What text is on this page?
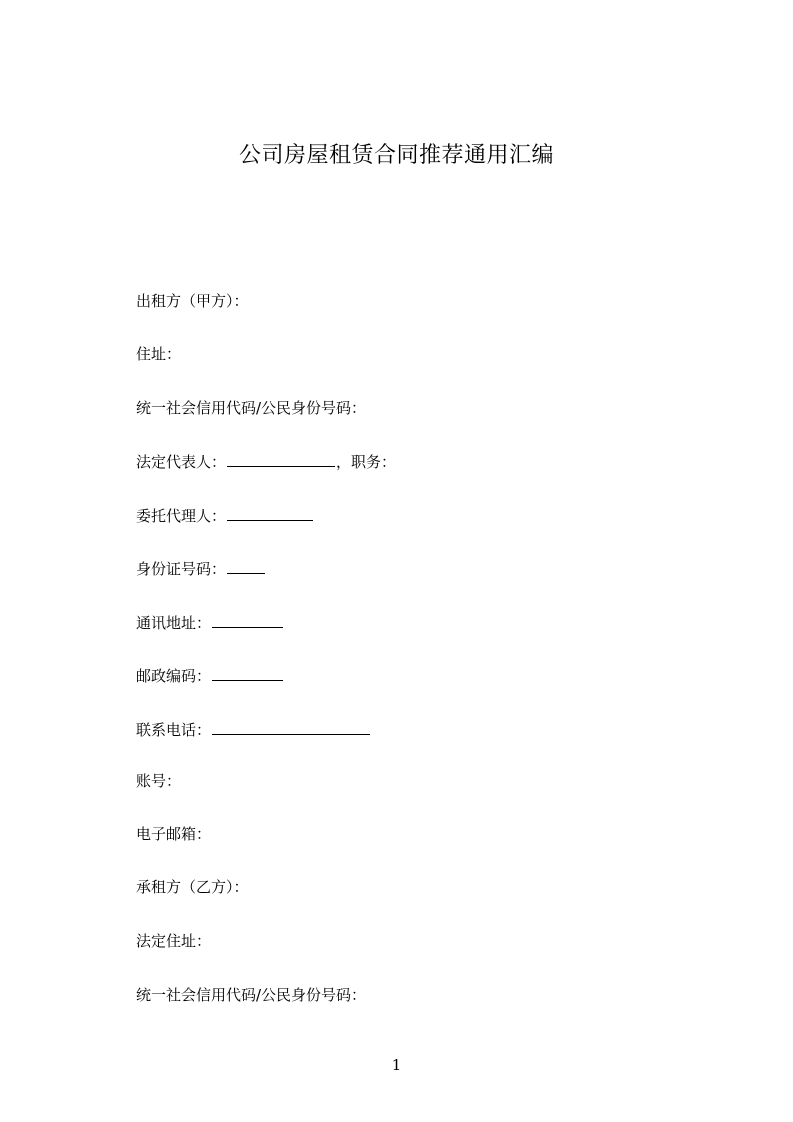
公司房屋租赁合同推荐通用汇编
出租方（甲方）：
住址：
统一社会信用代码/公民身份号码：
法定代表人：	，职务：
委托代理人：
身份证号码：
通讯地址：
邮政编码：
联系电话：
账号：
电子邮箱：
承租方（乙方）：
法定住址：
统一社会信用代码/公民身份号码：
1
